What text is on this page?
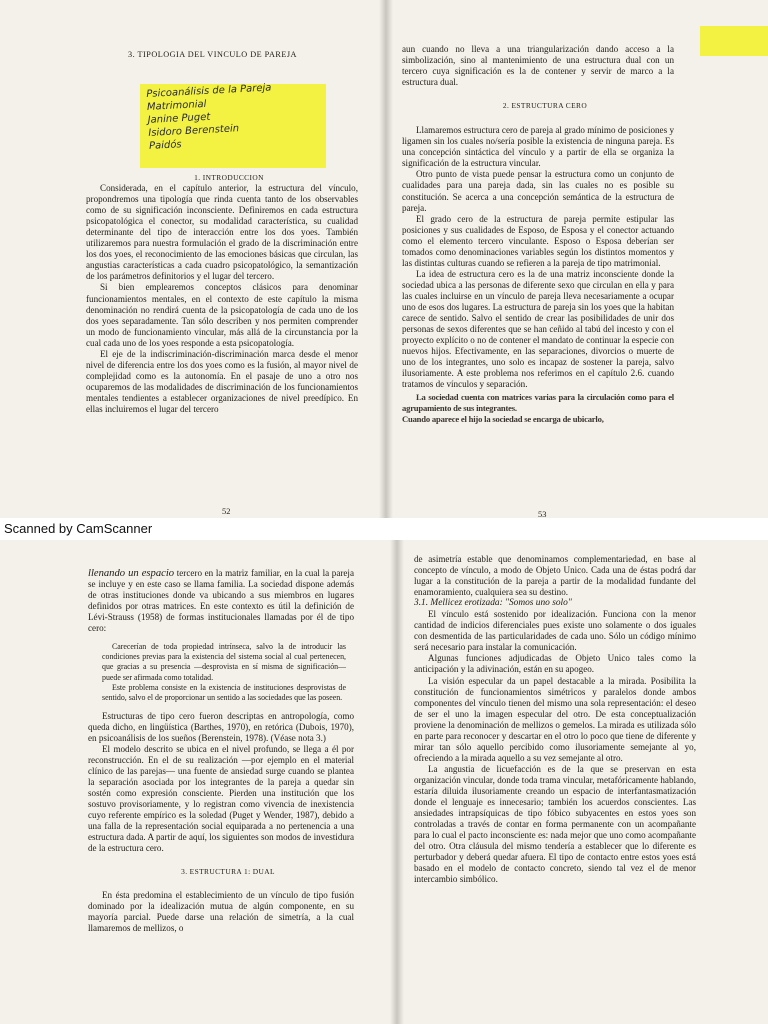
3. TIPOLOGIA DEL VINCULO DE PAREJA
Psicoanálisis de la Pareja
Matrimonial
Janine Puget
Isidoro Berenstein
Paidós

1. INTRODUCCION

Considerada, en el capítulo anterior, la estructura del vínculo, propondremos una tipología que rinda cuenta tanto de los observables como de su significación inconsciente. Definiremos en cada estructura psicopatológica el conector, su modalidad característica, su cualidad determinante del tipo de interacción entre los dos yoes. También utilizaremos para nuestra formulación el grado de la discriminación entre los dos yoes, el reconocimiento de las emociones básicas que circulan, las angustias características a cada cuadro psicopatológico, la semantización de los parámetros definitorios y el lugar del tercero.

Si bien emplearemos conceptos clásicos para denominar funcionamientos mentales, en el contexto de este capítulo la misma denominación no rendirá cuenta de la psicopatología de cada uno de los dos yoes separadamente. Tan sólo describen y nos permiten comprender un modo de funcionamiento vincular, más allá de la circunstancia por la cual cada uno de los yoes responde a esta psicopatología.

El eje de la indiscriminación-discriminación marca desde el menor nivel de diferencia entre los dos yoes como es la fusión, al mayor nivel de complejidad como es la autonomía. En el pasaje de uno a otro nos ocuparemos de las modalidades de discriminación de los funcionamientos mentales tendientes a establecer organizaciones de nivel preedípico. En ellas incluiremos el lugar del tercero

52

aun cuando no lleva a una triangularización dando acceso a la simbolización, sino al mantenimiento de una estructura dual con un tercero cuya significación es la de contener y servir de marco a la estructura dual.

2. ESTRUCTURA CERO

Llamaremos estructura cero de pareja al grado mínimo de posiciones y ligamen sin los cuales no/sería posible la existencia de ninguna pareja. Es una concepción sintáctica del vínculo y a partir de ella se organiza la significación de la estructura vincular.

Otro punto de vista puede pensar la estructura como un conjunto de cualidades para una pareja dada, sin las cuales no es posible su constitución. Se acerca a una concepción semántica de la estructura de pareja.

El grado cero de la estructura de pareja permite estipular las posiciones y sus cualidades de Esposo, de Esposa y el conector actuando como el elemento tercero vinculante. Esposo o Esposa deberían ser tomados como denominaciones variables según los distintos momentos y las distintas culturas cuando se refieren a la pareja de tipo matrimonial.

La idea de estructura cero es la de una matriz inconsciente donde la sociedad ubica a las personas de diferente sexo que circulan en ella y para las cuales incluirse en un vínculo de pareja lleva necesariamente a ocupar uno de esos dos lugares. La estructura de pareja sin los yoes que la habitan carece de sentido. Salvo el sentido de crear las posibilidades de unir dos personas de sexos diferentes que se han ceñido al tabú del incesto y con el proyecto explícito o no de contener el mandato de continuar la especie con nuevos hijos. Efectivamente, en las separaciones, divorcios o muerte de uno de los integrantes, uno solo es incapaz de sostener la pareja, salvo ilusoriamente. A este problema nos referimos en el capítulo 2.6. cuando tratamos de vínculos y separación.

La sociedad cuenta con matrices varias para la circulación como para el agrupamiento de sus integrantes.

Cuando aparece el hijo la sociedad se encarga de ubicarlo,

53
Scanned by CamScanner

llenando un espacio tercero en la matriz familiar, en la cual la pareja se incluye y en este caso se llama familia. La sociedad dispone además de otras instituciones donde va ubicando a sus miembros en lugares definidos por otras matrices. En este contexto es útil la definición de Lévi-Strauss (1958) de formas institucionales llamadas por él de tipo cero:

Carecerían de toda propiedad intrínseca, salvo la de introducir las condiciones previas para la existencia del sistema social al cual pertenecen, que gracias a su presencia —desprovista en sí misma de significación— puede ser afirmada como totalidad.

Este problema consiste en la existencia de instituciones desprovistas de sentido, salvo el de proporcionar un sentido a las sociedades que las poseen.

Estructuras de tipo cero fueron descriptas en antropología, como queda dicho, en lingüística (Barthes, 1970), en retórica (Dubois, 1970), en psicoanálisis de los sueños (Berenstein, 1978). (Véase nota 3.)

El modelo descrito se ubica en el nivel profundo, se llega a él por reconstrucción. En el de su realización —por ejemplo en el material clínico de las parejas— una fuente de ansiedad surge cuando se plantea la separación asociada por los integrantes de la pareja a quedar sin sostén como expresión consciente. Pierden una institución que los sostuvo provisoriamente, y lo registran como vivencia de inexistencia cuyo referente empírico es la soledad (Puget y Wender, 1987), debido a una falla de la representación social equiparada a no pertenencia a una estructura dada. A partir de aquí, los siguientes son modos de investidura de la estructura cero.

3. ESTRUCTURA 1: DUAL

En ésta predomina el establecimiento de un vínculo de tipo fusión dominado por la idealización mutua de algún componente, en su mayoría parcial. Puede darse una relación de simetría, a la cual llamaremos de mellizos, o

de asimetría estable que denominamos complementariedad, en base al concepto de vínculo, a modo de Objeto Unico. Cada una de éstas podrá dar lugar a la constitución de la pareja a partir de la modalidad fundante del enamoramiento, cualquiera sea su destino.

3.1. Mellicez erotizada: "Somos uno solo"

El vínculo está sostenido por idealización. Funciona con la menor cantidad de indicios diferenciales pues existe uno solamente o dos iguales con desmentida de las particularidades de cada uno. Sólo un código mínimo será necesario para instalar la comunicación.

Algunas funciones adjudicadas de Objeto Unico tales como la anticipación y la adivinación, están en su apogeo.

La visión especular da un papel destacable a la mirada. Posibilita la constitución de funcionamientos simétricos y paralelos donde ambos componentes del vínculo tienen del mismo una sola representación: el deseo de ser el uno la imagen especular del otro. De esta conceptualización proviene la denominación de mellizos o gemelos. La mirada es utilizada sólo en parte para reconocer y descartar en el otro lo poco que tiene de diferente y mirar tan sólo aquello percibido como ilusoriamente semejante al yo, ofreciendo a la mirada aquello a su vez semejante al otro.

La angustia de licuefacción es de la que se preservan en esta organización vincular, donde toda trama vincular, metafóricamente hablando, estaría diluida ilusoriamente creando un espacio de interfantasmatización donde el lenguaje es innecesario; también los acuerdos conscientes. Las ansiedades intrapsíquicas de tipo fóbico subyacentes en estos yoes son controladas a través de contar en forma permanente con un acompañante para lo cual el pacto inconsciente es: nada mejor que uno como acompañante del otro. Otra cláusula del mismo tendería a establecer que lo diferente es perturbador y deberá quedar afuera. El tipo de contacto entre estos yoes está basado en el modelo de contacto concreto, siendo tal vez el de menor intercambio simbólico.
